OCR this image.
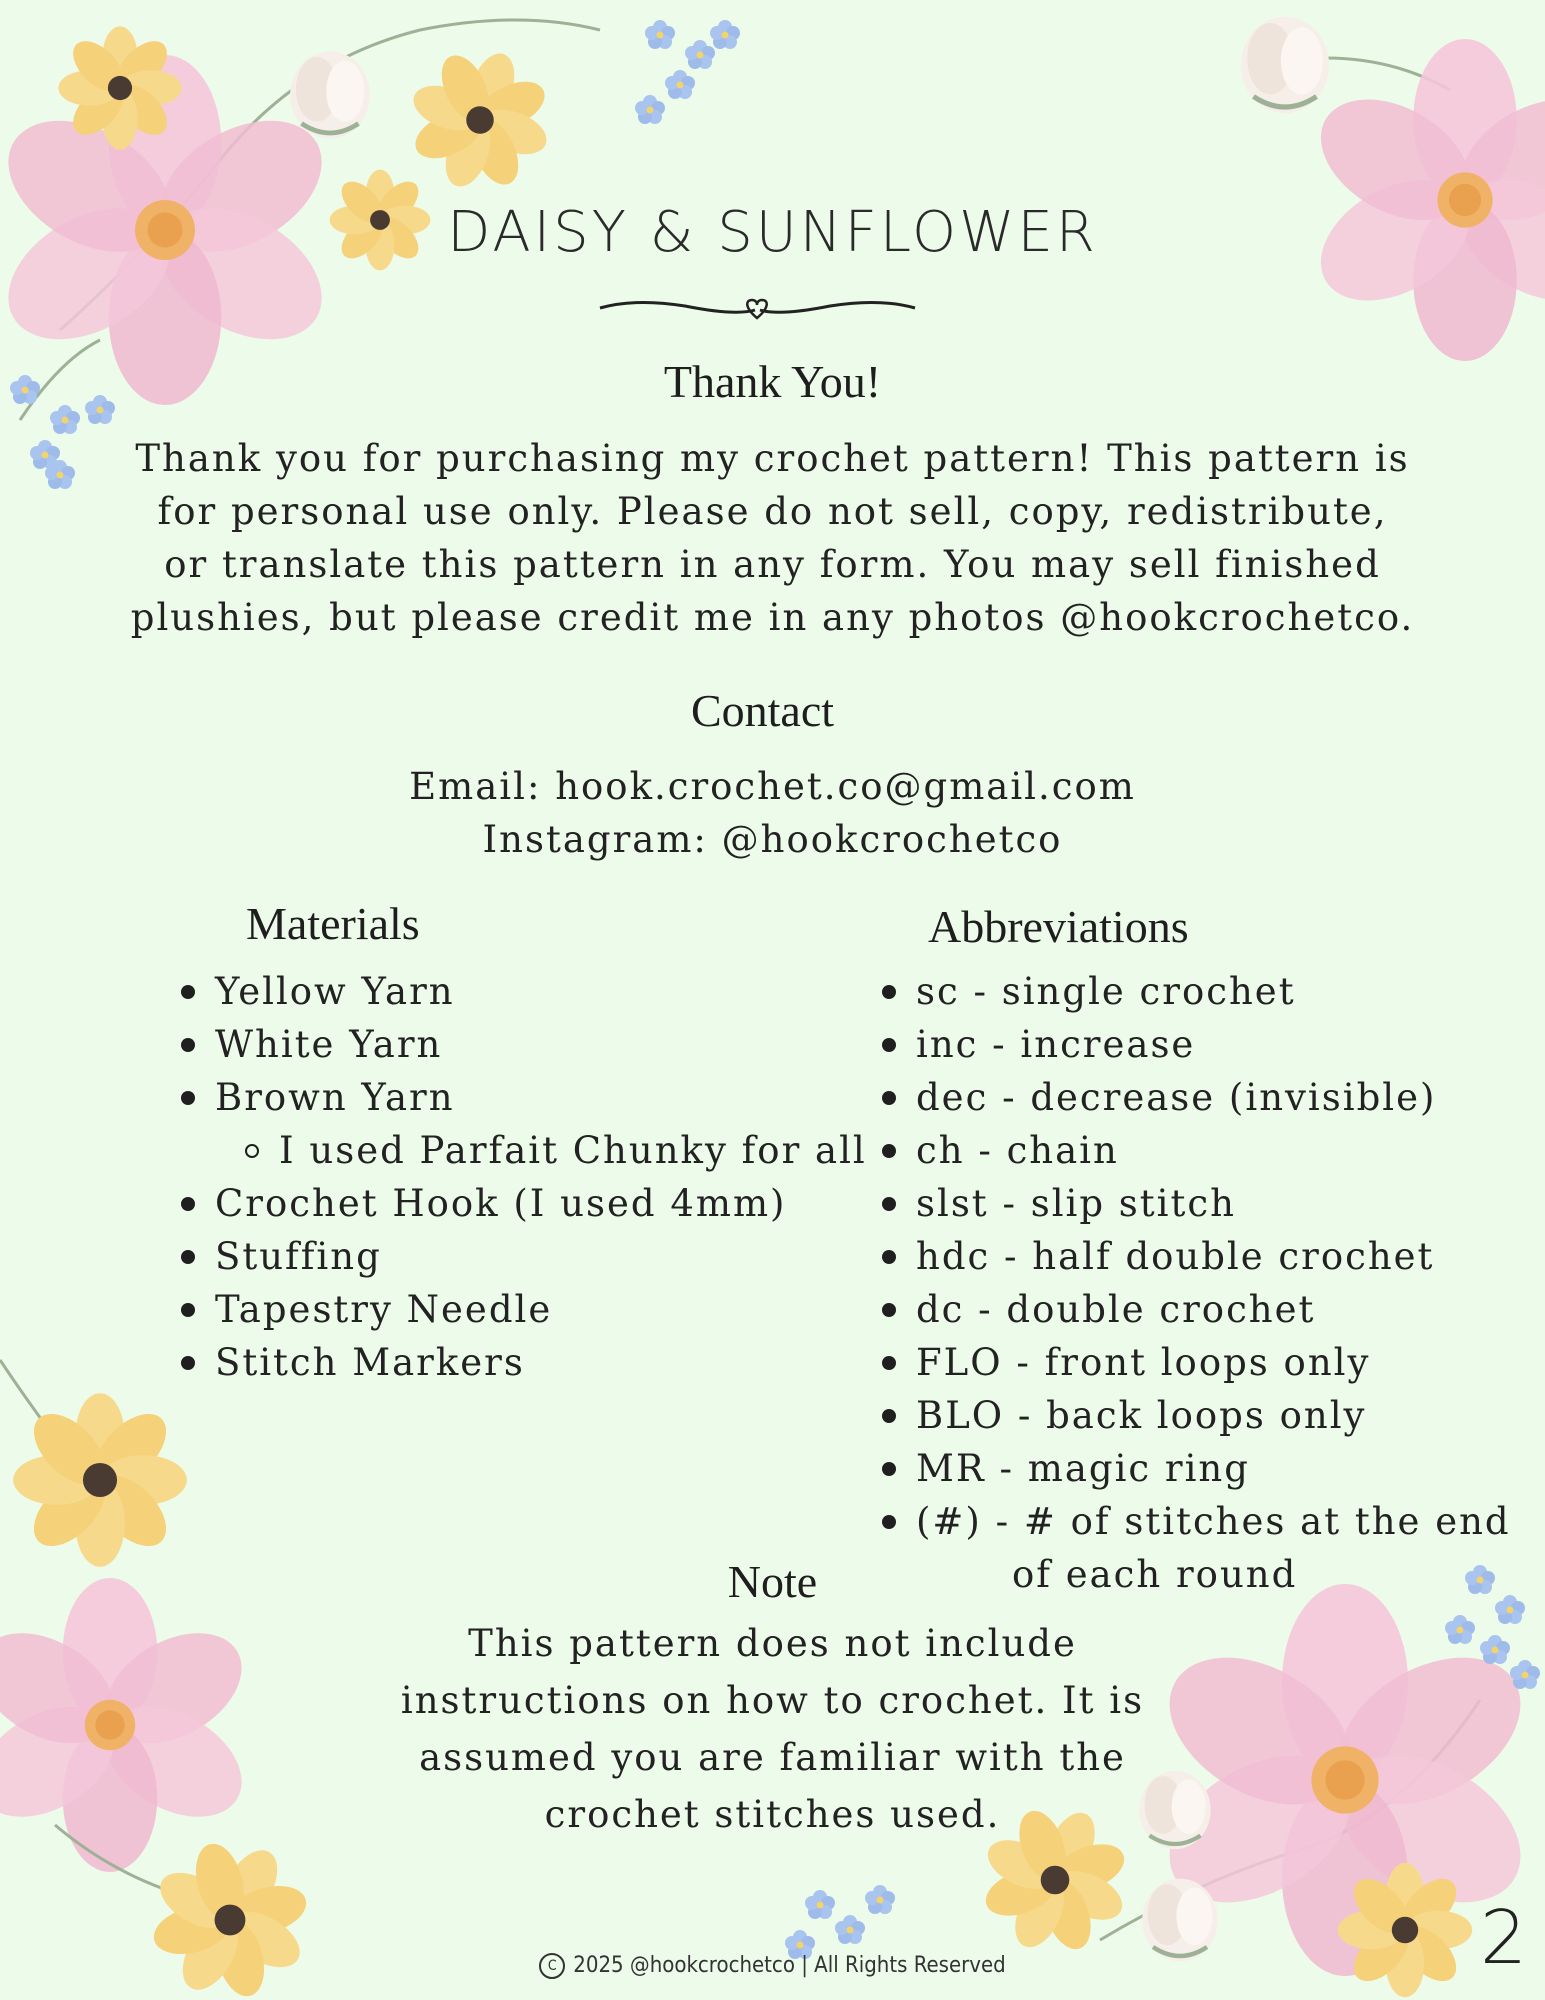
DAISY & SUNFLOWER
Thank You!
Thank you for purchasing my crochet pattern! This pattern is
for personal use only. Please do not sell, copy, redistribute,
or translate this pattern in any form. You may sell finished
plushies, but please credit me in any photos @hookcrochetco.
Contact
Email: hook.crochet.co@gmail.com
Instagram: @hookcrochetco
Materials
Yellow Yarn
White Yarn
Brown Yarn
I used Parfait Chunky for all
Crochet Hook (I used 4mm)
Stuffing
Tapestry Needle
Stitch Markers
Abbreviations
sc - single crochet
inc - increase
dec - decrease (invisible)
ch - chain
slst - slip stitch
hdc - half double crochet
dc - double crochet
FLO - front loops only
BLO - back loops only
MR - magic ring
(#) - # of stitches at the end
of each round
Note
This pattern does not include
instructions on how to crochet. It is
assumed you are familiar with the
crochet stitches used.
C 2025 @hookcrochetco | All Rights Reserved	2
